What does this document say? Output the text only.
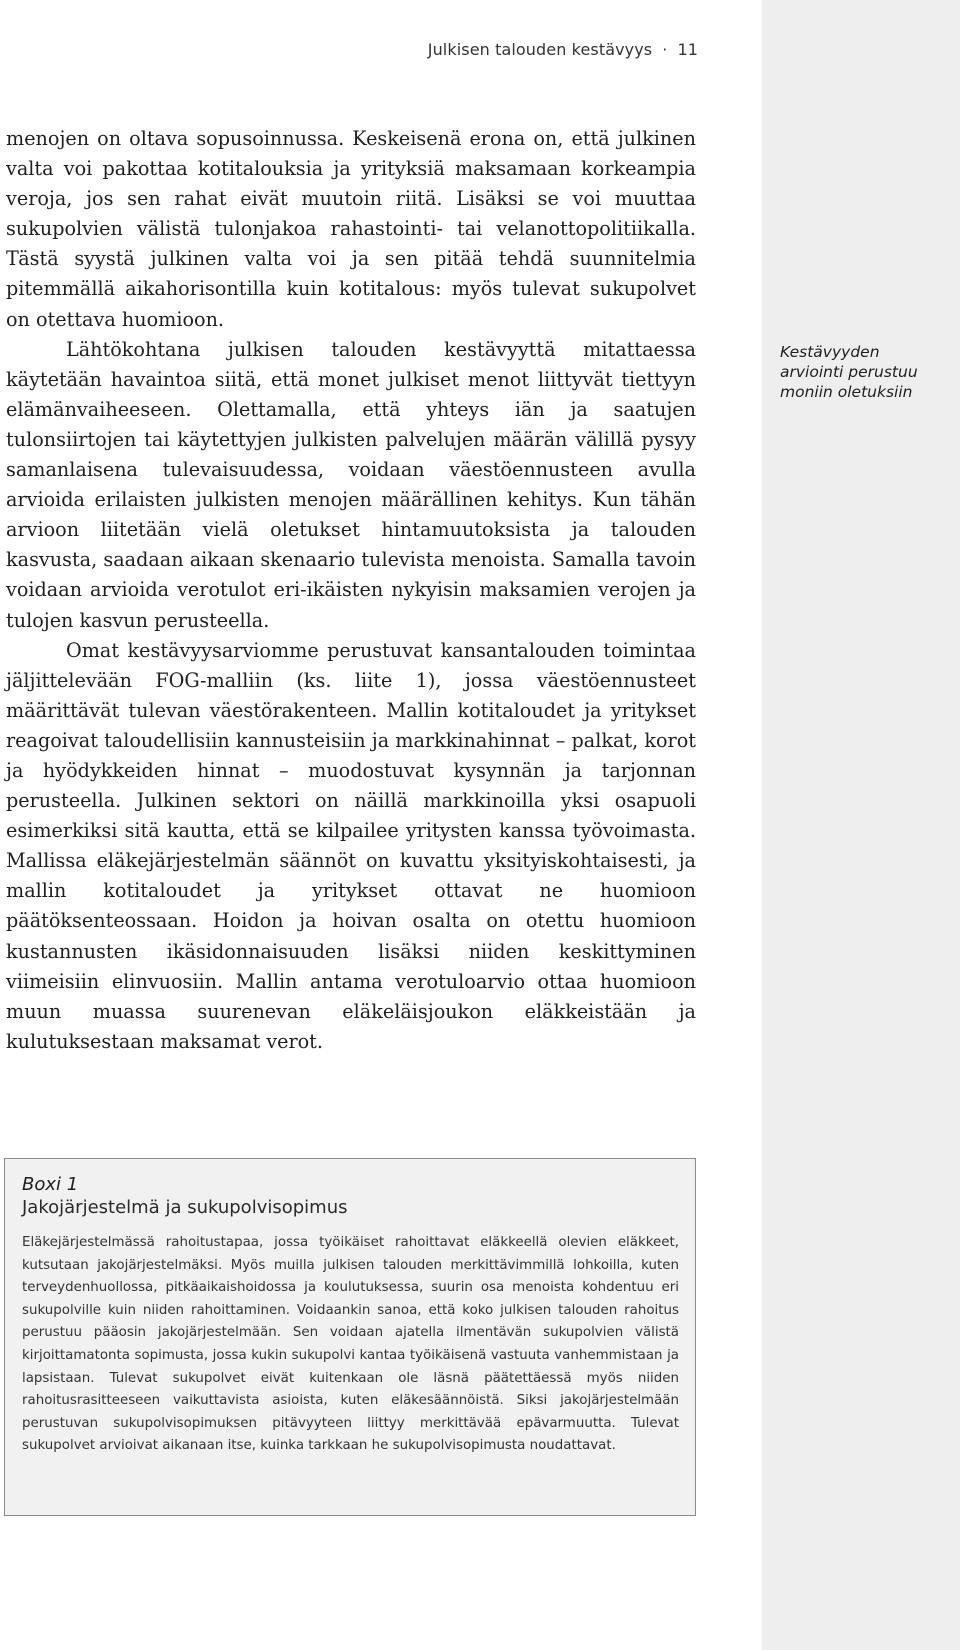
Julkisen talouden kestävyys · 11

menojen on oltava sopusoinnussa. Keskeisenä erona on, että julkinen valta voi pakottaa kotitalouksia ja yrityksiä maksamaan korkeampia veroja, jos sen rahat eivät muutoin riitä. Lisäksi se voi muuttaa sukupolvien välistä tulonjakoa rahastointi- tai velanottopolitiikalla. Tästä syystä julkinen valta voi ja sen pitää tehdä suunnitelmia pitemmällä aikahorisontilla kuin kotitalous: myös tulevat sukupolvet on otettava huomioon.

Lähtökohtana julkisen talouden kestävyyttä mitattaessa käytetään havaintoa siitä, että monet julkiset menot liittyvät tiettyyn elämänvaiheeseen. Olettamalla, että yhteys iän ja saatujen tulonsiirtojen tai käytettyjen julkisten palvelujen määrän välillä pysyy samanlaisena tulevaisuudessa, voidaan väestöennusteen avulla arvioida erilaisten julkisten menojen määrällinen kehitys. Kun tähän arvioon liitetään vielä oletukset hintamuutoksista ja talouden kasvusta, saadaan aikaan skenaario tulevista menoista. Samalla tavoin voidaan arvioida verotulot eri-ikäisten nykyisin maksamien verojen ja tulojen kasvun perusteella.

Omat kestävyysarviomme perustuvat kansantalouden toimintaa jäljittelevään FOG-malliin (ks. liite 1), jossa väestöennusteet määrittävät tulevan väestörakenteen. Mallin kotitaloudet ja yritykset reagoivat taloudellisiin kannusteisiin ja markkinahinnat – palkat, korot ja hyödykkeiden hinnat – muodostuvat kysynnän ja tarjonnan perusteella. Julkinen sektori on näillä markkinoilla yksi osapuoli esimerkiksi sitä kautta, että se kilpailee yritysten kanssa työvoimasta. Mallissa eläkejärjestelmän säännöt on kuvattu yksityiskohtaisesti, ja mallin kotitaloudet ja yritykset ottavat ne huomioon päätöksenteossaan. Hoidon ja hoivan osalta on otettu huomioon kustannusten ikäsidonnaisuuden lisäksi niiden keskittyminen viimeisiin elinvuosiin. Mallin antama verotuloarvio ottaa huomioon muun muassa suurenevan eläkeläisjoukon eläkkeistään ja kulutuksestaan maksamat verot.

Kestävyyden arviointi perustuu moniin oletuksiin
Boxi 1
Jakojärjestelmä ja sukupolvisopimus
Eläkejärjestelmässä rahoitustapaa, jossa työikäiset rahoittavat eläkkeellä olevien eläkkeet, kutsutaan jakojärjestelmäksi. Myös muilla julkisen talouden merkittävimmillä lohkoilla, kuten terveydenhuollossa, pitkäaikaishoidossa ja koulutuksessa, suurin osa menoista kohdentuu eri sukupolville kuin niiden rahoittaminen. Voidaankin sanoa, että koko julkisen talouden rahoitus perustuu pääosin jakojärjestelmään. Sen voidaan ajatella ilmentävän sukupolvien välistä kirjoittamatonta sopimusta, jossa kukin sukupolvi kantaa työikäisenä vastuuta vanhemmistaan ja lapsistaan. Tulevat sukupolvet eivät kuitenkaan ole läsnä päätettäessä myös niiden rahoitusrasitteeseen vaikuttavista asioista, kuten eläkesäännöistä. Siksi jakojärjestelmään perustuvan sukupolvisopimuksen pitävyyteen liittyy merkittävää epävarmuutta. Tulevat sukupolvet arvioivat aikanaan itse, kuinka tarkkaan he sukupolvisopimusta noudattavat.
